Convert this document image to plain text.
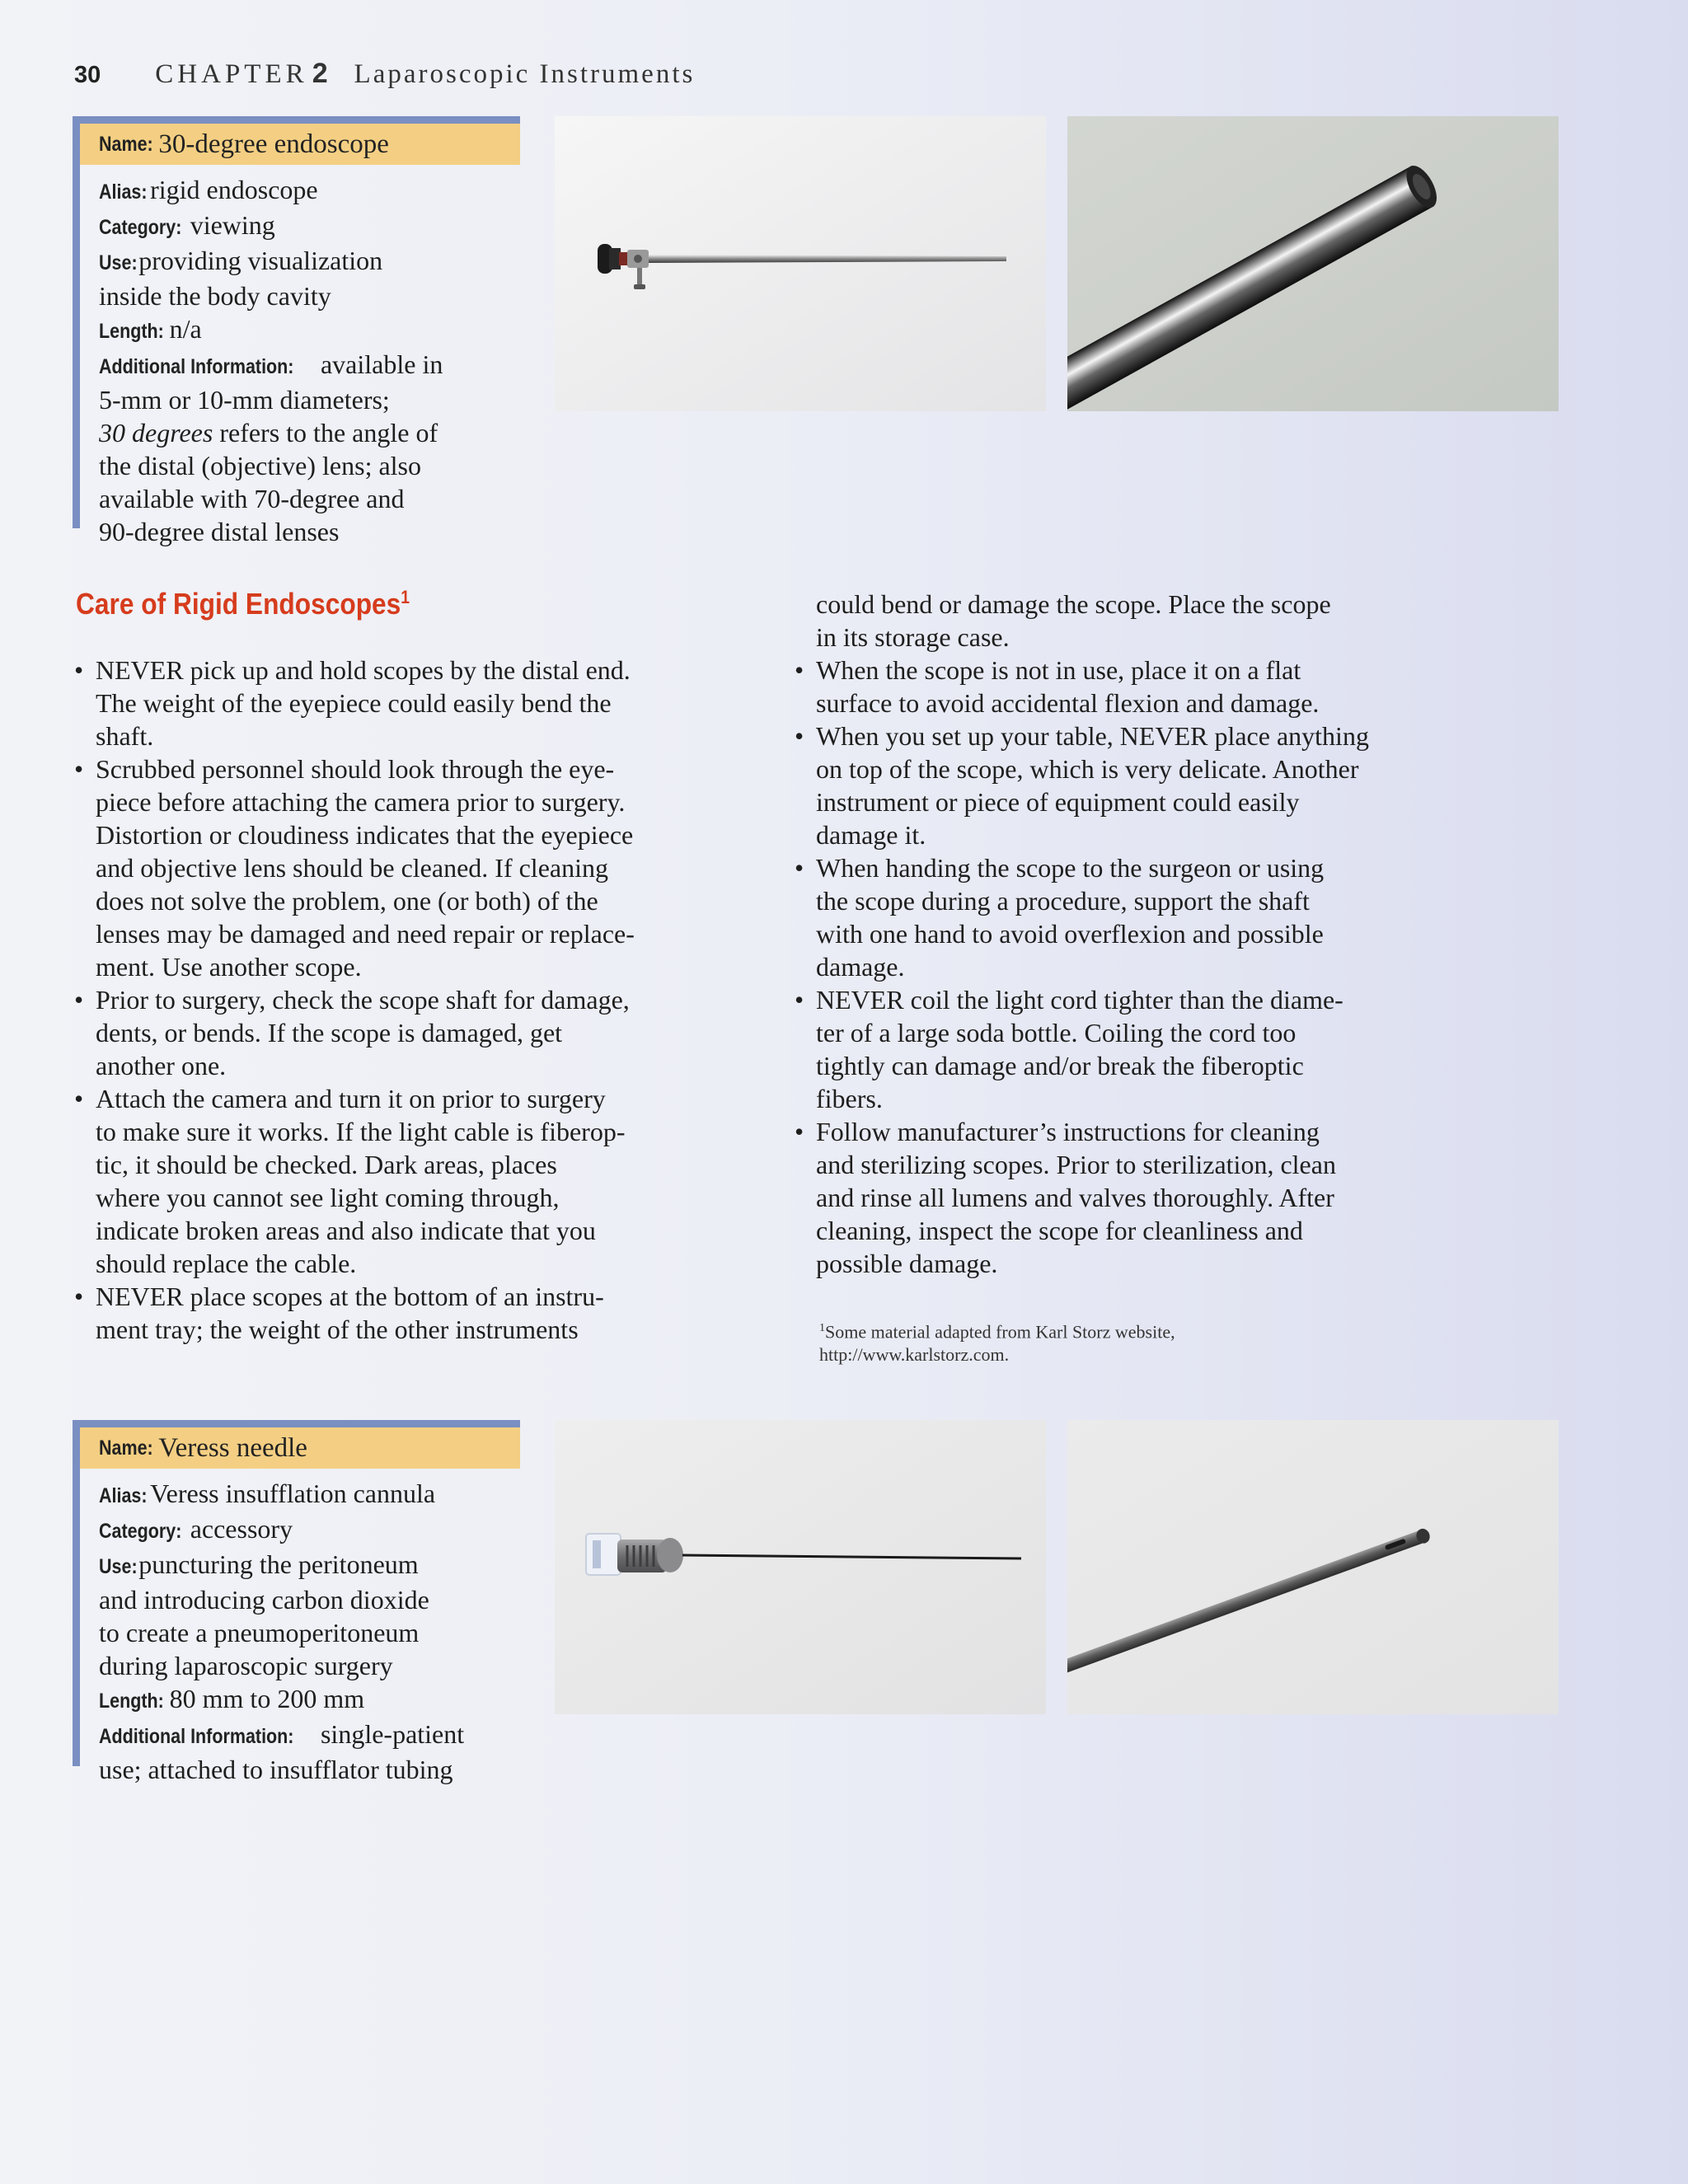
30 CHAPTER 2 Laparoscopic Instruments
Name: 30-degree endoscope
Alias: rigid endoscope
Category: viewing
Use:providing visualization
inside the body cavity
Length: n/a
Additional Information: available in
5-mm or 10-mm diameters;
30 degrees refers to the angle of
the distal (objective) lens; also
available with 70-degree and
90-degree distal lenses
Care of Rigid Endoscopes$^1$
• NEVER pick up and hold scopes by the distal end.
The weight of the eyepiece could easily bend the
shaft.
• Scrubbed personnel should look through the eye-
piece before attaching the camera prior to surgery.
Distortion or cloudiness indicates that the eyepiece
and objective lens should be cleaned. If cleaning
does not solve the problem, one (or both) of the
lenses may be damaged and need repair or replace-
ment. Use another scope.
• Prior to surgery, check the scope shaft for damage,
dents, or bends. If the scope is damaged, get
another one.
• Attach the camera and turn it on prior to surgery
to make sure it works. If the light cable is fiberop-
tic, it should be checked. Dark areas, places
where you cannot see light coming through,
indicate broken areas and also indicate that you
should replace the cable.
• NEVER place scopes at the bottom of an instru-
ment tray; the weight of the other instruments
could bend or damage the scope. Place the scope
in its storage case.
• When the scope is not in use, place it on a flat
surface to avoid accidental flexion and damage.
• When you set up your table, NEVER place anything
on top of the scope, which is very delicate. Another
instrument or piece of equipment could easily
damage it.
• When handing the scope to the surgeon or using
the scope during a procedure, support the shaft
with one hand to avoid overflexion and possible
damage.
• NEVER coil the light cord tighter than the diame-
ter of a large soda bottle. Coiling the cord too
tightly can damage and/or break the fiberoptic
fibers.
• Follow manufacturer’s instructions for cleaning
and sterilizing scopes. Prior to sterilization, clean
and rinse all lumens and valves thoroughly. After
cleaning, inspect the scope for cleanliness and
possible damage.
$^1$Some material adapted from Karl Storz website,
http://www.karlstorz.com.
Name: Veress needle
Alias: Veress insufflation cannula
Category: accessory
Use:puncturing the peritoneum
and introducing carbon dioxide
to create a pneumoperitoneum
during laparoscopic surgery
Length: 80 mm to 200 mm
Additional Information: single-patient
use; attached to insufflator tubing
